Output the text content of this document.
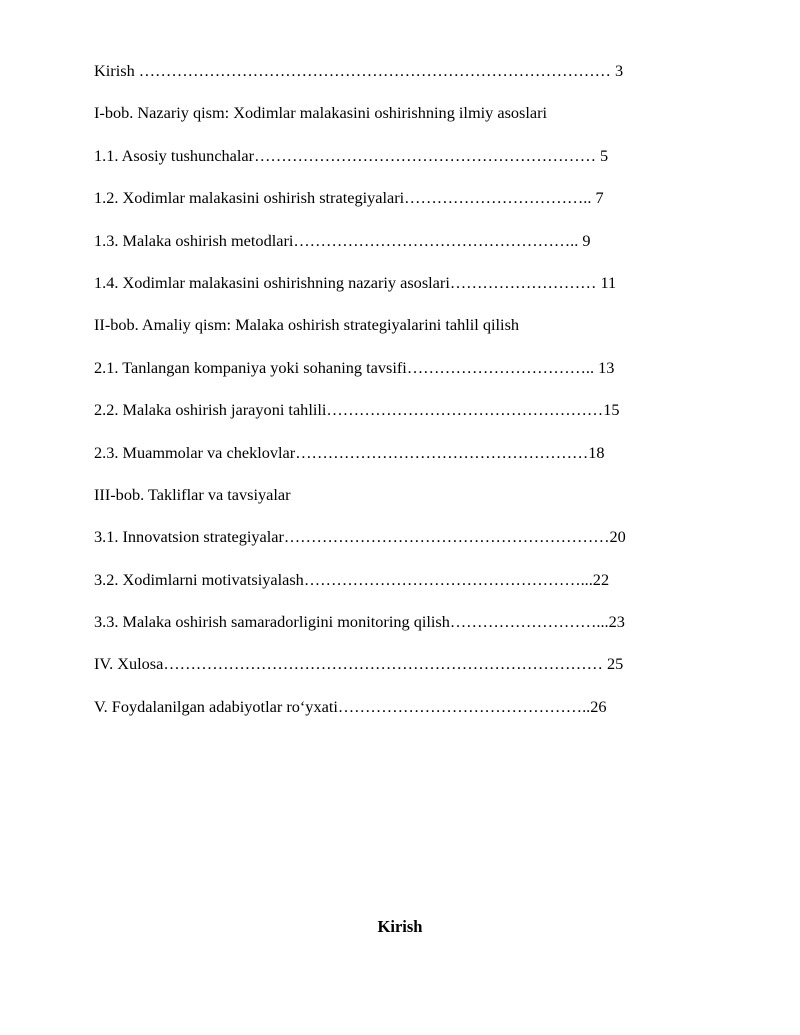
Kirish …………………………………………………………………………… 3
I-bob. Nazariy qism: Xodimlar malakasini oshirishning ilmiy asoslari
1.1. Asosiy tushunchalar……………………………………………………… 5
1.2. Xodimlar malakasini oshirish strategiyalari…………………………….. 7
1.3. Malaka oshirish metodlari…………………………………………….. 9
1.4. Xodimlar malakasini oshirishning nazariy asoslari……………………… 11
II-bob. Amaliy qism: Malaka oshirish strategiyalarini tahlil qilish
2.1. Tanlangan kompaniya yoki sohaning tavsifi…………………………….. 13
2.2. Malaka oshirish jarayoni tahlili……………………………………………15
2.3. Muammolar va cheklovlar………………………………………………18
III-bob. Takliflar va tavsiyalar
3.1. Innovatsion strategiyalar……………………………………………………20
3.2. Xodimlarni motivatsiyalash……………………………………………...22
3.3. Malaka oshirish samaradorligini monitoring qilish………………………...23
IV. Xulosa……………………………………………………………………… 25
V. Foydalanilgan adabiyotlar ro‘yxati………………………………………..26
Kirish
